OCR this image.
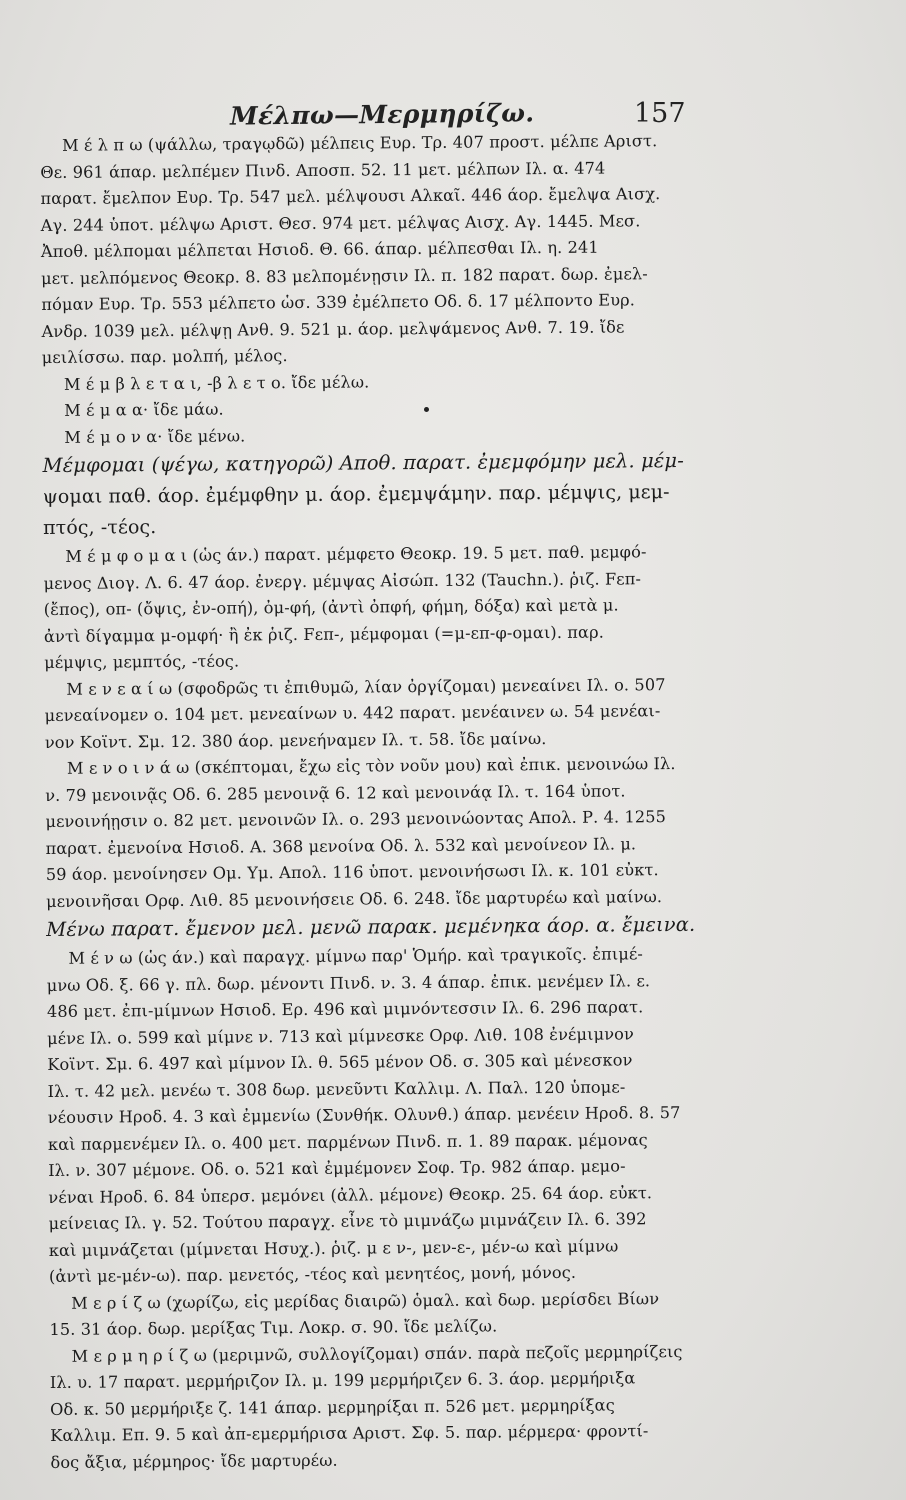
Μέλπω—Μερμηρίζω.	157
Μ έ λ π ω (ψάλλω, τραγῳδῶ) μέλπεις Ευρ. Τρ. 407 προστ. μέλπε Αριστ.
Θε. 961 άπαρ. μελπέμεν Πινδ. Αποσπ. 52. 11 μετ. μέλπων Ιλ. α. 474
παρατ. ἔμελπον Ευρ. Τρ. 547 μελ. μέλψουσι Αλκαῖ. 446 άορ. ἔμελψα Αισχ.
Αγ. 244 ὑποτ. μέλψω Αριστ. Θεσ. 974 μετ. μέλψας Αισχ. Αγ. 1445. Μεσ.
Ἀποθ. μέλπομαι μέλπεται Ησιοδ. Θ. 66. άπαρ. μέλπεσθαι Ιλ. η. 241
μετ. μελπόμενος Θεοκρ. 8. 83 μελπομένῃσιν Ιλ. π. 182 παρατ. δωρ. ἐμελ-
πόμαν Ευρ. Τρ. 553 μέλπετο ὡσ. 339 ἐμέλπετο Οδ. δ. 17 μέλποντο Ευρ.
Ανδρ. 1039 μελ. μέλψῃ Ανθ. 9. 521 μ. άορ. μελψάμενος Ανθ. 7. 19. ἴδε
μειλίσσω. παρ. μολπή, μέλος.
Μ έ μ β λ ε τ α ι, -β λ ε τ ο. ἴδε μέλω.
Μ έ μ α α· ἴδε μάω.
Μ έ μ ο ν α· ἴδε μένω.
Μέμφομαι (ψέγω, κατηγορῶ) Αποθ. παρατ. ἐμεμφόμην μελ. μέμ-
ψομαι παθ. άορ. ἐμέμφθην μ. άορ. ἐμεμψάμην. παρ. μέμψις, μεμ-
πτός, -τέος.
Μ έ μ φ ο μ α ι (ὡς άν.) παρατ. μέμφετο Θεοκρ. 19. 5 μετ. παθ. μεμφό-
μενος Διογ. Λ. 6. 47 άορ. ἐνεργ. μέμψας Αἰσώπ. 132 (Tauchn.). ῥιζ. Fεπ-
(ἔπος), οπ- (ὄψις, ἐν-οπή), ὀμ-φή, (ἀντὶ ὀπφή, φήμη, δόξα) καὶ μετὰ μ.
ἀντὶ δίγαμμα μ-ομφή· ἢ ἐκ ῥιζ. Fεπ-, μέμφομαι (=μ-επ-φ-ομαι). παρ.
μέμψις, μεμπτός, -τέος.
Μ ε ν ε α ί ω (σφοδρῶς τι ἐπιθυμῶ, λίαν ὀργίζομαι) μενεαίνει Ιλ. ο. 507
μενεαίνομεν ο. 104 μετ. μενεαίνων υ. 442 παρατ. μενέαινεν ω. 54 μενέαι-
νον Κοϊντ. Σμ. 12. 380 άορ. μενεήναμεν Ιλ. τ. 58. ἴδε μαίνω.
Μ ε ν ο ι ν ά ω (σκέπτομαι, ἔχω εἰς τὸν νοῦν μου) καὶ ἐπικ. μενοινώω Ιλ.
ν. 79 μενοινᾷς Οδ. 6. 285 μενοινᾷ 6. 12 καὶ μενοινάᾳ Ιλ. τ. 164 ὑποτ.
μενοινήῃσιν ο. 82 μετ. μενοινῶν Ιλ. ο. 293 μενοινώοντας Απολ. Ρ. 4. 1255
παρατ. ἐμενοίνα Ησιοδ. Α. 368 μενοίνα Οδ. λ. 532 καὶ μενοίνεον Ιλ. μ.
59 άορ. μενοίνησεν Ομ. Υμ. Απολ. 116 ὑποτ. μενοινήσωσι Ιλ. κ. 101 εὐκτ.
μενοινῆσαι Ορφ. Λιθ. 85 μενοινήσειε Οδ. 6. 248. ἴδε μαρτυρέω καὶ μαίνω.
Μένω παρατ. ἔμενον μελ. μενῶ παρακ. μεμένηκα άορ. α. ἔμεινα.
Μ έ ν ω (ὡς άν.) καὶ παραγχ. μίμνω παρ' Ὁμήρ. καὶ τραγικοῖς. ἐπιμέ-
μνω Οδ. ξ. 66 γ. πλ. δωρ. μένοντι Πινδ. ν. 3. 4 άπαρ. ἐπικ. μενέμεν Ιλ. ε.
486 μετ. ἐπι-μίμνων Ησιοδ. Ερ. 496 καὶ μιμνόντεσσιν Ιλ. 6. 296 παρατ.
μένε Ιλ. ο. 599 καὶ μίμνε ν. 713 καὶ μίμνεσκε Ορφ. Λιθ. 108 ἐνέμιμνον
Κοϊντ. Σμ. 6. 497 καὶ μίμνον Ιλ. θ. 565 μένον Οδ. σ. 305 καὶ μένεσκον
Ιλ. τ. 42 μελ. μενέω τ. 308 δωρ. μενεῦντι Καλλιμ. Λ. Παλ. 120 ὑπομε-
νέουσιν Ηροδ. 4. 3 καὶ ἐμμενίω (Συνθήκ. Ολυνθ.) άπαρ. μενέειν Ηροδ. 8. 57
καὶ παρμενέμεν Ιλ. ο. 400 μετ. παρμένων Πινδ. π. 1. 89 παρακ. μέμονας
Ιλ. ν. 307 μέμονε. Οδ. ο. 521 καὶ ἐμμέμονεν Σοφ. Τρ. 982 άπαρ. μεμο-
νέναι Ηροδ. 6. 84 ὑπερσ. μεμόνει (ἀλλ. μέμονε) Θεοκρ. 25. 64 άορ. εὐκτ.
μείνειας Ιλ. γ. 52. Τούτου παραγχ. εἶνε τὸ μιμνάζω μιμνάζειν Ιλ. 6. 392
καὶ μιμνάζεται (μίμνεται Ησυχ.). ῥιζ. μ ε ν-, μεν-ε-, μέν-ω καὶ μίμνω
(ἀντὶ με-μέν-ω). παρ. μενετός, -τέος καὶ μενητέος, μονή, μόνος.
Μ ε ρ ί ζ ω (χωρίζω, εἰς μερίδας διαιρῶ) ὁμαλ. καὶ δωρ. μερίσδει Βίων
15. 31 άορ. δωρ. μερίξας Τιμ. Λοκρ. σ. 90. ἴδε μελίζω.
Μ ε ρ μ η ρ ί ζ ω (μεριμνῶ, συλλογίζομαι) σπάν. παρὰ πεζοῖς μερμηρίζεις
Ιλ. υ. 17 παρατ. μερμήριζον Ιλ. μ. 199 μερμήριζεν 6. 3. άορ. μερμήριξα
Οδ. κ. 50 μερμήριξε ζ. 141 άπαρ. μερμηρίξαι π. 526 μετ. μερμηρίξας
Καλλιμ. Επ. 9. 5 καὶ ἀπ-εμερμήρισα Αριστ. Σφ. 5. παρ. μέρμερα· φροντί-
δος ἄξια, μέρμηρος· ἴδε μαρτυρέω.
